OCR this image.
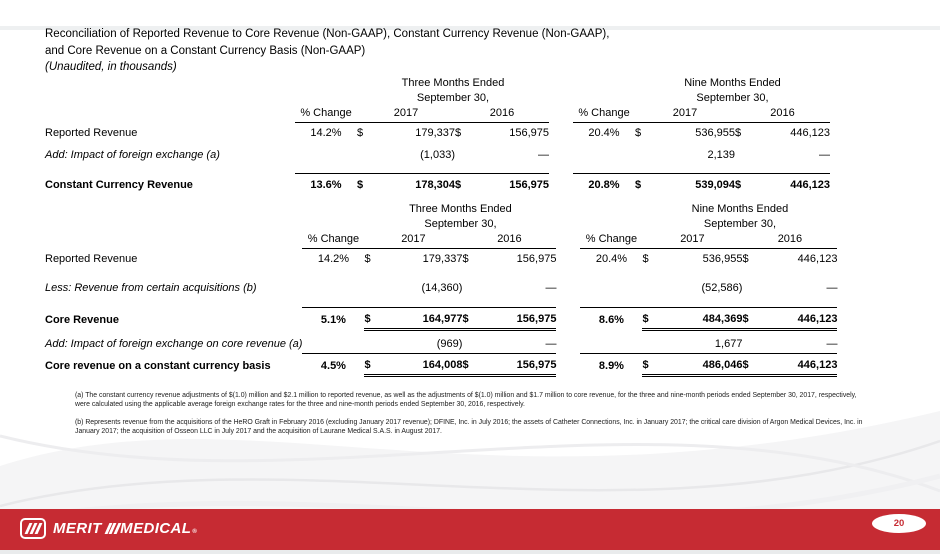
Reconciliation of Reported Revenue to Core Revenue (Non-GAAP), Constant Currency Revenue (Non-GAAP),
and Core Revenue on a Constant Currency Basis (Non-GAAP)
(Unaudited, in thousands)
		Three Months Ended						Nine Months Ended			
		September 30,						September 30,			
	% Change	2017		2016			% Change	2017		2016	
Reported Revenue	14.2%	$	179,337	$	156,975		20.4%	$	536,955	$	446,123
Add: Impact of foreign exchange (a)			(1,033)		—				2,139		—
Constant Currency Revenue	13.6%	$	178,304	$	156,975		20.8%	$	539,094	$	446,123
		Three Months Ended						Nine Months Ended			
		September 30,						September 30,			
	% Change	2017		2016			% Change	2017		2016	
Reported Revenue	14.2%	$	179,337	$	156,975		20.4%	$	536,955	$	446,123
Less: Revenue from certain acquisitions (b)			(14,360)		—				(52,586)		—
Core Revenue	5.1%	$	164,977	$	156,975		8.6%	$	484,369	$	446,123
Add: Impact of foreign exchange on core revenue (a)			(969)		—				1,677		—
Core revenue on a constant currency basis	4.5%	$	164,008	$	156,975		8.9%	$	486,046	$	446,123
(a) The constant currency revenue adjustments of $(1.0) million and $2.1 million to reported revenue, as well as the adjustments of $(1.0) million and $1.7 million to core revenue, for the three and nine-month periods ended September 30, 2017, respectively, were calculated using the applicable average foreign exchange rates for the three and nine-month periods ended September 30, 2016, respectively.
(b) Represents revenue from the acquisitions of the HeRO Graft in February 2016 (excluding January 2017 revenue); DFINE, Inc. in July 2016; the assets of Catheter Connections, Inc. in January 2017; the critical care division of Argon Medical Devices, Inc. in January 2017; the acquisition of Osseon LLC in July 2017 and the acquisition of Laurane Medical S.A.S. in August 2017.
MERIT $MEDICAL_®$
20
